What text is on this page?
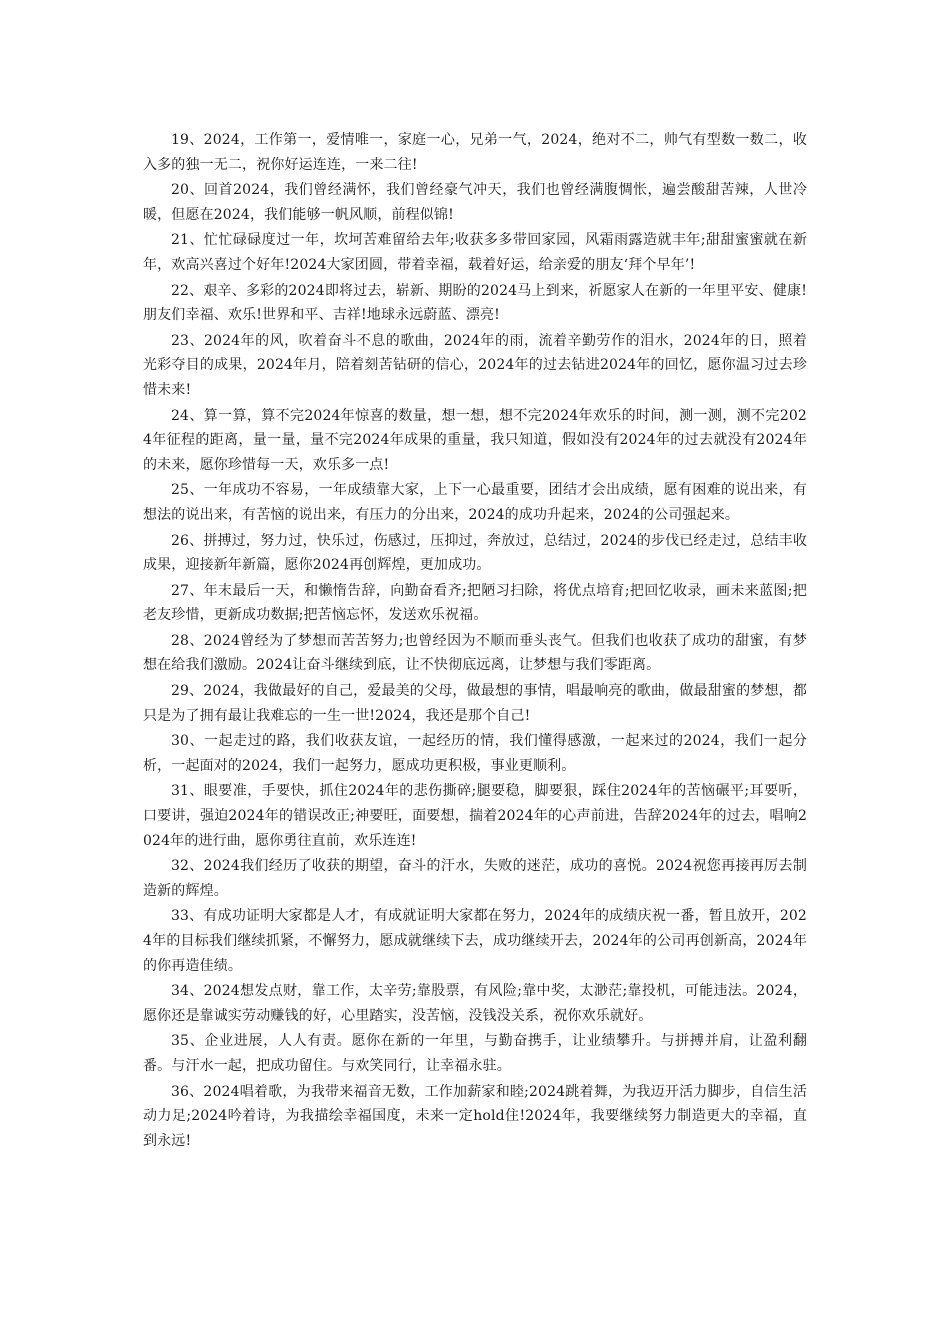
19、2024，工作第一，爱情唯一，家庭一心，兄弟一气，2024，绝对不二，帅气有型数一数二，收入多的独一无二，祝你好运连连，一来二往!

20、回首2024，我们曾经满怀，我们曾经豪气冲天，我们也曾经满腹惆怅，遍尝酸甜苦辣，人世冷暖，但愿在2024，我们能够一帆风顺，前程似锦!

21、忙忙碌碌度过一年，坎坷苦难留给去年;收获多多带回家园，风霜雨露造就丰年;甜甜蜜蜜就在新年，欢高兴喜过个好年!2024大家团圆，带着幸福，载着好运，给亲爱的朋友‘拜个早年’!

22、艰辛、多彩的2024即将过去，崭新、期盼的2024马上到来，祈愿家人在新的一年里平安、健康!朋友们幸福、欢乐!世界和平、吉祥!地球永远蔚蓝、漂亮!

23、2024年的风，吹着奋斗不息的歌曲，2024年的雨，流着辛勤劳作的泪水，2024年的日，照着光彩夺目的成果，2024年月，陪着刻苦钻研的信心，2024年的过去钻进2024年的回忆，愿你温习过去珍惜未来!

24、算一算，算不完2024年惊喜的数量，想一想，想不完2024年欢乐的时间，测一测，测不完2024年征程的距离，量一量，量不完2024年成果的重量，我只知道，假如没有2024年的过去就没有2024年的未来，愿你珍惜每一天，欢乐多一点!

25、一年成功不容易，一年成绩靠大家，上下一心最重要，团结才会出成绩，愿有困难的说出来，有想法的说出来，有苦恼的说出来，有压力的分出来，2024的成功升起来，2024的公司强起来。

26、拼搏过，努力过，快乐过，伤感过，压抑过，奔放过，总结过，2024的步伐已经走过，总结丰收成果，迎接新年新篇，愿你2024再创辉煌，更加成功。

27、年末最后一天，和懒惰告辞，向勤奋看齐;把陋习扫除，将优点培育;把回忆收录，画未来蓝图;把老友珍惜，更新成功数据;把苦恼忘怀，发送欢乐祝福。

28、2024曾经为了梦想而苦苦努力;也曾经因为不顺而垂头丧气。但我们也收获了成功的甜蜜，有梦想在给我们激励。2024让奋斗继续到底，让不快彻底远离，让梦想与我们零距离。

29、2024，我做最好的自己，爱最美的父母，做最想的事情，唱最响亮的歌曲，做最甜蜜的梦想，都只是为了拥有最让我难忘的一生一世!2024，我还是那个自己!

30、一起走过的路，我们收获友谊，一起经历的情，我们懂得感激，一起来过的2024，我们一起分析，一起面对的2024，我们一起努力，愿成功更积极，事业更顺利。

31、眼要准，手要快，抓住2024年的悲伤撕碎;腿要稳，脚要狠，踩住2024年的苦恼碾平;耳要听，口要讲，强迫2024年的错误改正;神要旺，面要想，揣着2024年的心声前进，告辞2024年的过去，唱响2024年的进行曲，愿你勇往直前，欢乐连连!

32、2024我们经历了收获的期望，奋斗的汗水，失败的迷茫，成功的喜悦。2024祝您再接再厉去制造新的辉煌。

33、有成功证明大家都是人才，有成就证明大家都在努力，2024年的成绩庆祝一番，暂且放开，2024年的目标我们继续抓紧，不懈努力，愿成就继续下去，成功继续开去，2024年的公司再创新高，2024年的你再造佳绩。

34、2024想发点财，靠工作，太辛劳;靠股票，有风险;靠中奖，太渺茫;靠投机，可能违法。2024，愿你还是靠诚实劳动赚钱的好，心里踏实，没苦恼，没钱没关系，祝你欢乐就好。

35、企业进展，人人有责。愿你在新的一年里，与勤奋携手，让业绩攀升。与拼搏并肩，让盈利翻番。与汗水一起，把成功留住。与欢笑同行，让幸福永驻。

36、2024唱着歌，为我带来福音无数，工作加薪家和睦;2024跳着舞，为我迈开活力脚步，自信生活动力足;2024吟着诗，为我描绘幸福国度，未来一定hold住!2024年，我要继续努力制造更大的幸福，直到永远!
